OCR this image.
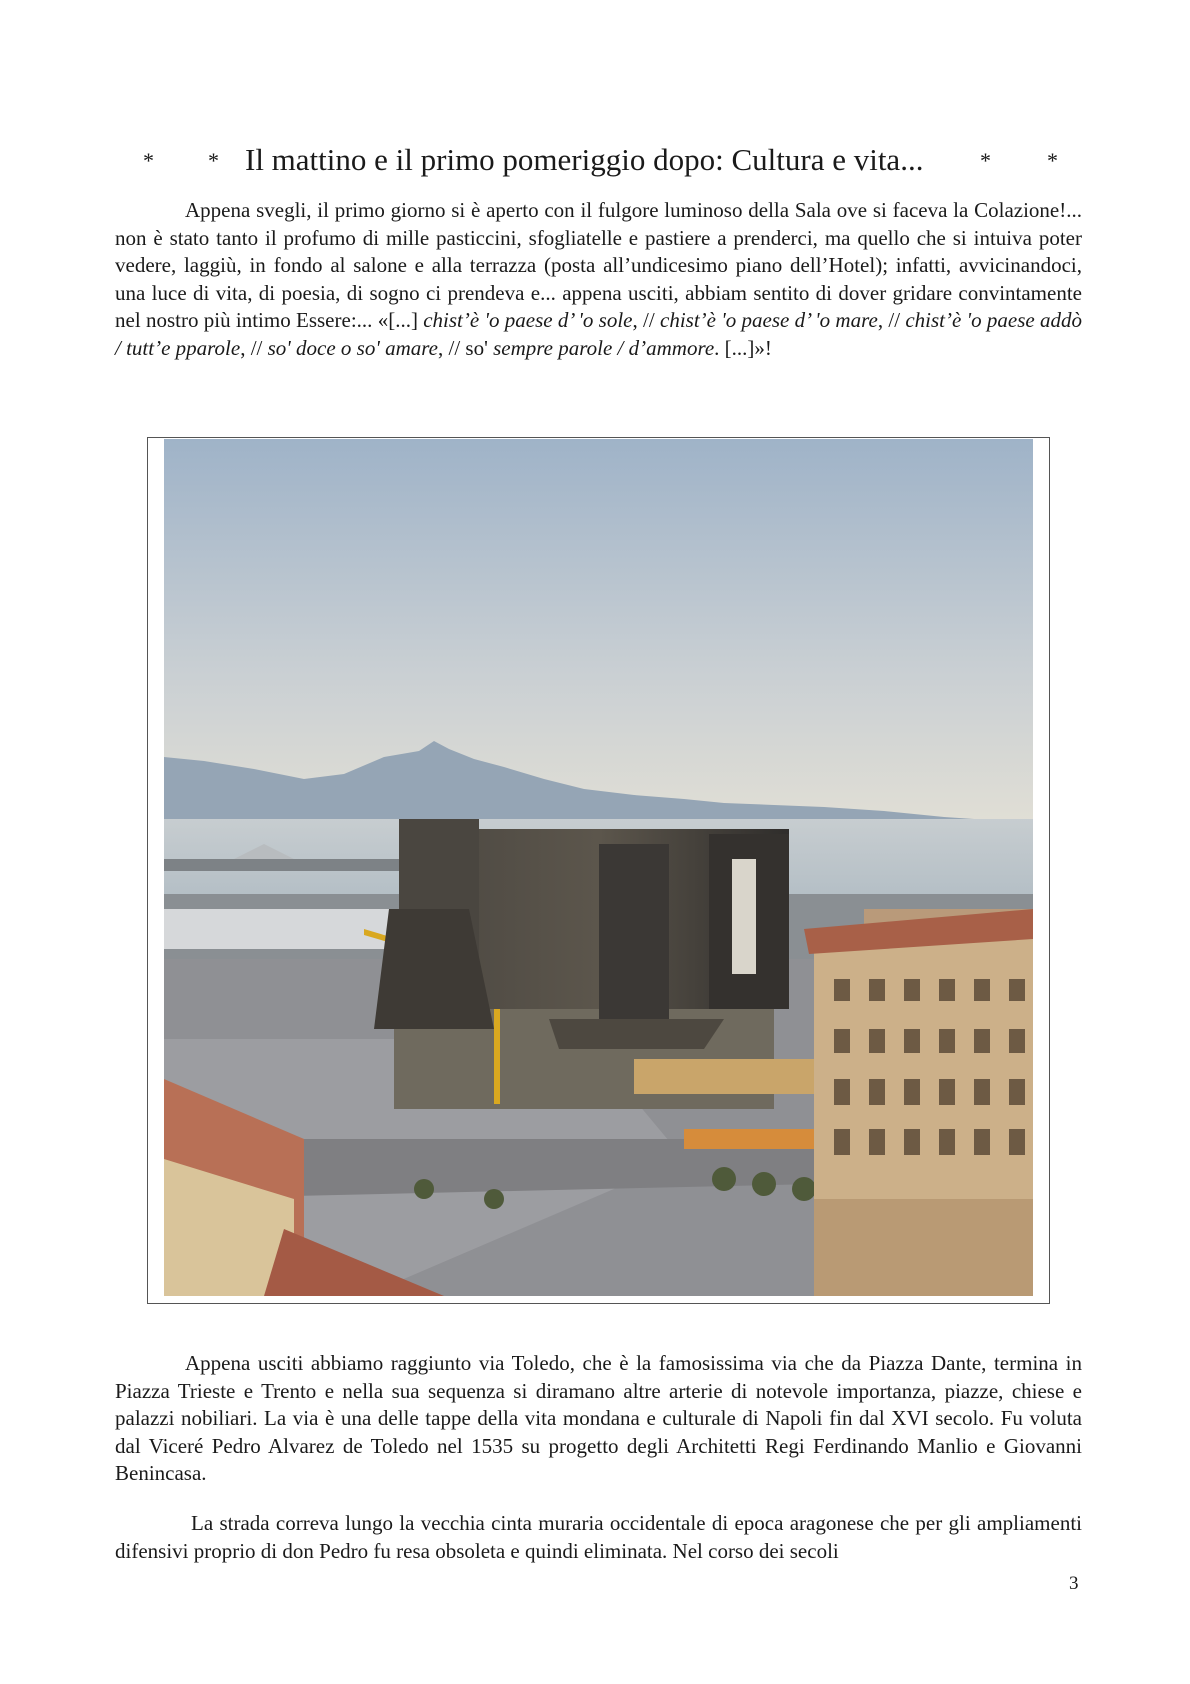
* * Il mattino e il primo pomeriggio dopo: Cultura e vita...	*	*

Appena svegli, il primo giorno si è aperto con il fulgore luminoso della Sala ove si faceva la Colazione!... non è stato tanto il profumo di mille pasticcini, sfogliatelle e pastiere a prenderci, ma quello che si intuiva poter vedere, laggiù, in fondo al salone e alla terrazza (posta all’undicesimo piano dell’Hotel); infatti, avvicinandoci, una luce di vita, di poesia, di sogno ci prendeva e... appena usciti, abbiam sentito di dover gridare convintamente nel nostro più intimo Essere:... «[...] chist’è 'o paese d’ 'o sole, // chist’è 'o paese d’ 'o mare, // chist’è 'o paese addò / tutt’e pparole, // so' doce o so' amare, // so' sempre parole / d’ammore. [...]»!

Appena usciti abbiamo raggiunto via Toledo, che è la famosissima via che da Piazza Dante, termina in Piazza Trieste e Trento e nella sua sequenza si diramano altre arterie di notevole importanza, piazze, chiese e palazzi nobiliari. La via è una delle tappe della vita mondana e culturale di Napoli fin dal XVI secolo. Fu voluta dal Viceré Pedro Alvarez de Toledo nel 1535 su progetto degli Architetti Regi Ferdinando Manlio e Giovanni Benincasa.

La strada correva lungo la vecchia cinta muraria occidentale di epoca aragonese che per gli ampliamenti difensivi proprio di don Pedro fu resa obsoleta e quindi eliminata. Nel corso dei secoli

3
